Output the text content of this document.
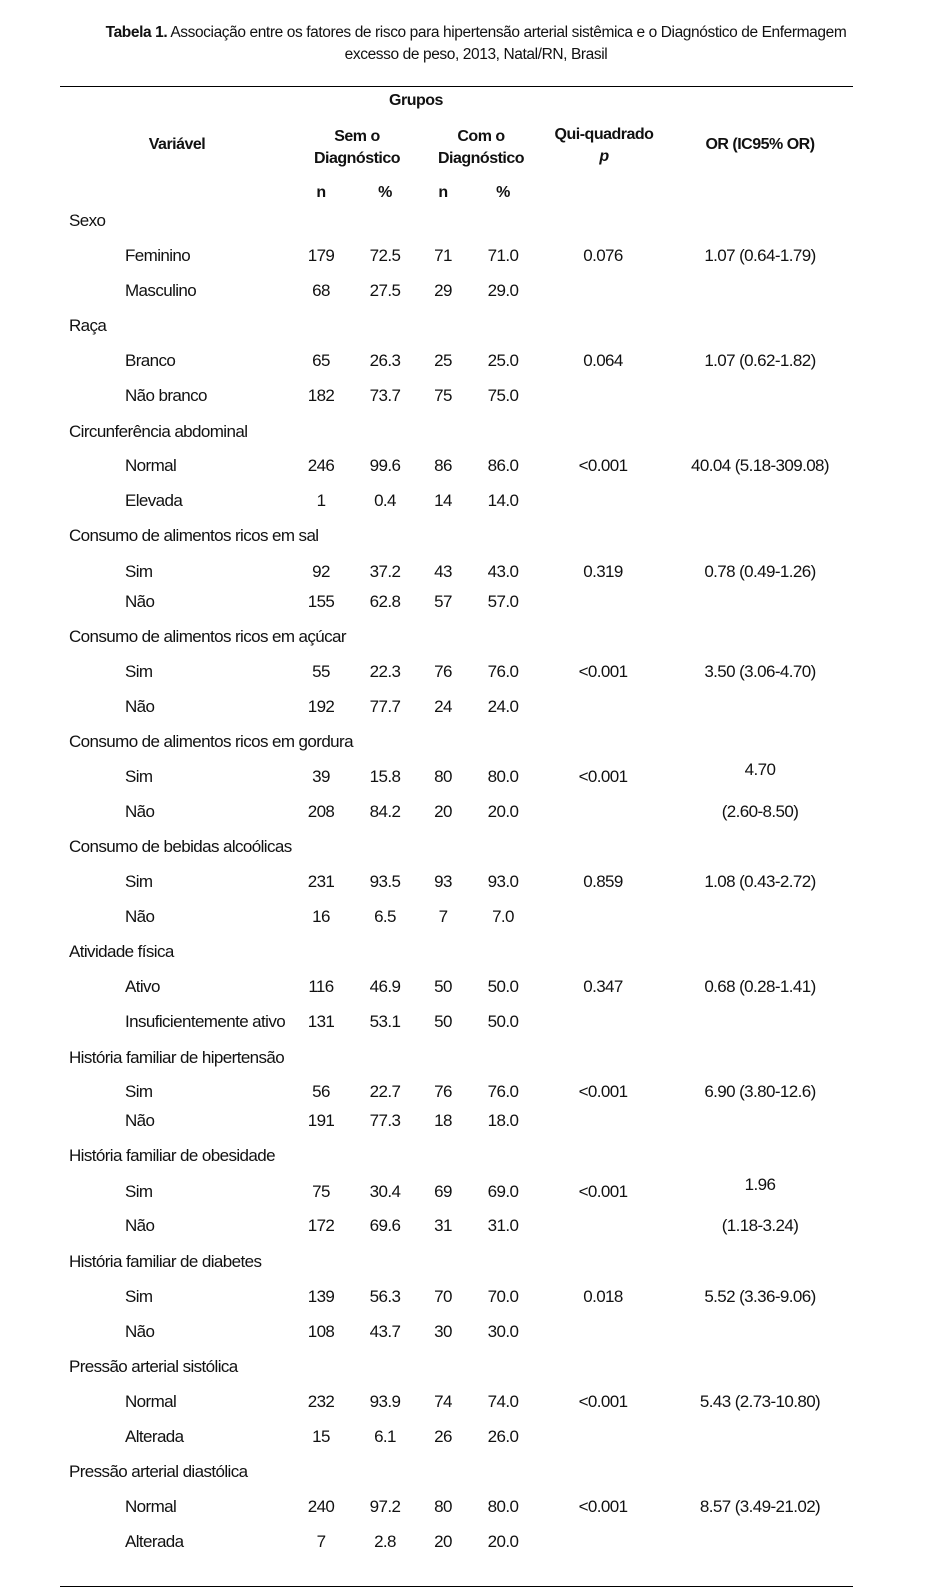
Tabela 1. Associação entre os fatores de risco para hipertensão arterial sistêmica e o Diagnóstico de Enfermagem
excesso de peso, 2013, Natal/RN, Brasil
Grupos
Variável	Sem o
Diagnóstico
Com o
Diagnóstico
Qui-quadrado
p
OR (IC95% OR)
n	%	n	%
Sexo
Feminino	179 72.5 71 71.0	0.076	1.07 (0.64-1.79)
Masculino	68 27.5 29 29.0
Raça
Branco	65 26.3 25 25.0	0.064	1.07 (0.62-1.82)
Não branco	182 73.7 75 75.0
Circunferência abdominal
Normal	246 99.6 86 86.0	<0.001	40.04 (5.18-309.08)
Elevada	1	0.4 14 14.0
Consumo de alimentos ricos em sal
Sim	92 37.2 43 43.0	0.319	0.78 (0.49-1.26)
Não	155 62.8 57 57.0
Consumo de alimentos ricos em açúcar
Sim	55 22.3 76 76.0	<0.001	3.50 (3.06-4.70)
Não	192 77.7 24 24.0
Consumo de alimentos ricos em gordura
Sim	39 15.8 80 80.0	<0.001	4.70
Não	208 84.2 20 20.0	(2.60-8.50)
Consumo de bebidas alcoólicas
Sim	231 93.5 93 93.0	0.859	1.08 (0.43-2.72)
Não	16	6.5	7	7.0
Atividade física
Ativo	116 46.9 50 50.0	0.347	0.68 (0.28-1.41)
Insuficientemente ativo 131 53.1 50 50.0
História familiar de hipertensão
Sim	56 22.7 76 76.0	<0.001	6.90 (3.80-12.6)
Não	191 77.3 18 18.0
História familiar de obesidade
Sim	75 30.4 69 69.0	<0.001	1.96
Não	172 69.6 31 31.0	(1.18-3.24)
História familiar de diabetes
Sim	139 56.3 70 70.0	0.018	5.52 (3.36-9.06)
Não	108 43.7 30 30.0
Pressão arterial sistólica
Normal	232 93.9 74 74.0	<0.001	5.43 (2.73-10.80)
Alterada	15	6.1 26 26.0
Pressão arterial diastólica
Normal	240 97.2 80 80.0	<0.001	8.57 (3.49-21.02)
Alterada	7	2.8 20 20.0
